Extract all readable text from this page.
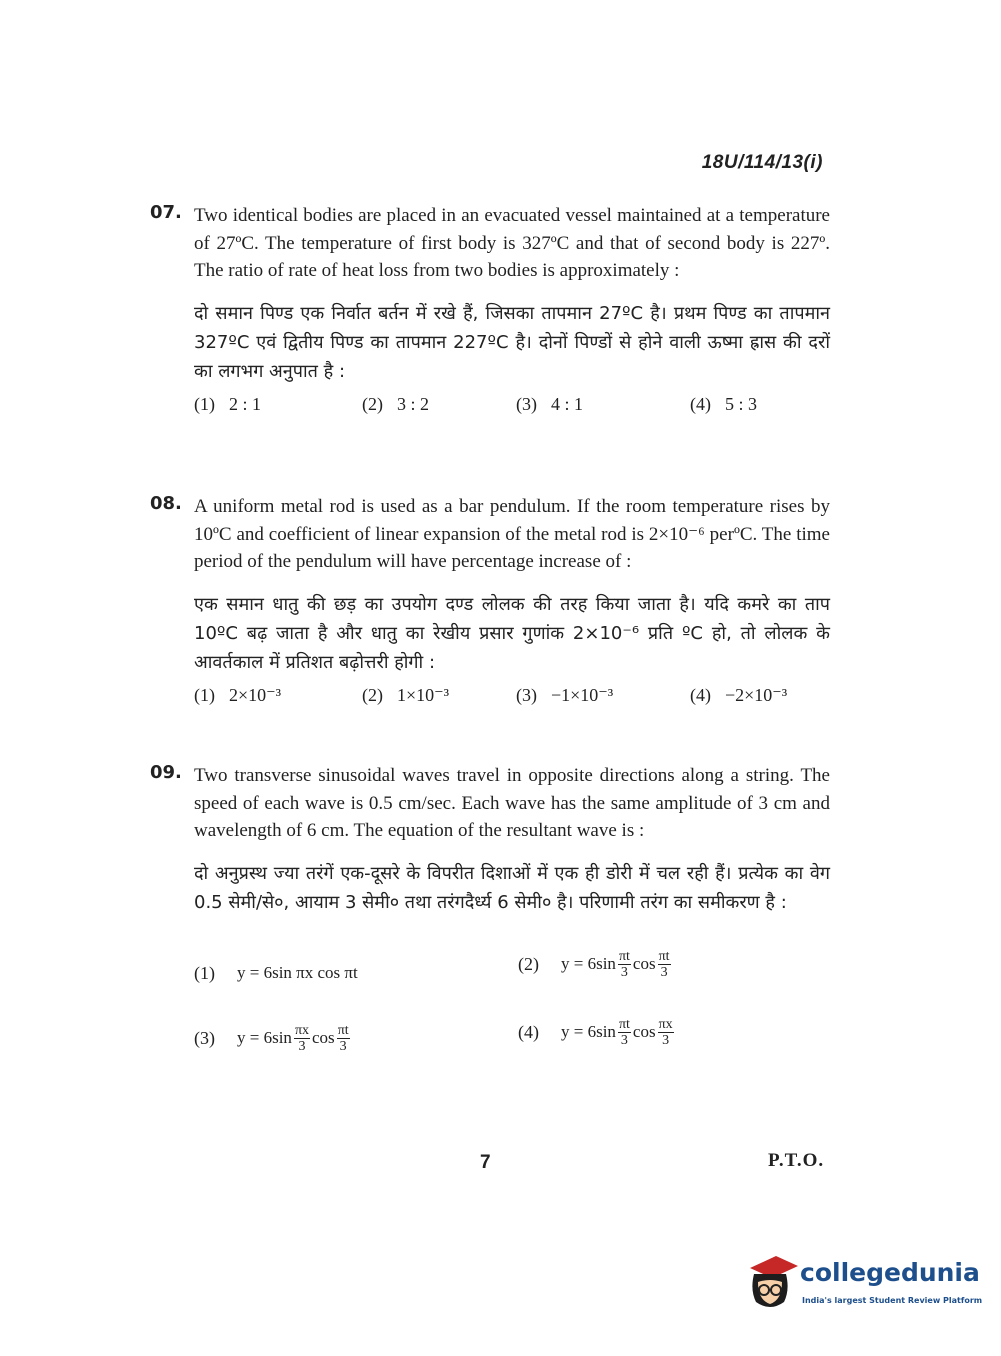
18U/114/13(i)
07. Two identical bodies are placed in an evacuated vessel maintained at a temperature of 27ºC. The temperature of first body is 327ºC and that of second body is 227º. The ratio of rate of heat loss from two bodies is approximately :
दो समान पिण्ड एक निर्वात बर्तन में रखे हैं, जिसका तापमान 27ºC है। प्रथम पिण्ड का तापमान 327ºC एवं द्वितीय पिण्ड का तापमान 227ºC है। दोनों पिण्डों से होने वाली ऊष्मा ह्रास की दरों का लगभग अनुपात है :
(1) 2 : 1	(2) 3 : 2	(3) 4 : 1	(4) 5 : 3
08. A uniform metal rod is used as a bar pendulum. If the room temperature rises by 10ºC and coefficient of linear expansion of the metal rod is 2×10⁻⁶ perºC. The time period of the pendulum will have percentage increase of :
एक समान धातु की छड़ का उपयोग दण्ड लोलक की तरह किया जाता है। यदि कमरे का ताप 10ºC बढ़ जाता है और धातु का रेखीय प्रसार गुणांक 2×10⁻⁶ प्रति ºC हो, तो लोलक के आवर्तकाल में प्रतिशत बढ़ोत्तरी होगी :
(1) 2×10⁻³	(2) 1×10⁻³	(3) −1×10⁻³	(4) −2×10⁻³
09. Two transverse sinusoidal waves travel in opposite directions along a string. The speed of each wave is 0.5 cm/sec. Each wave has the same amplitude of 3 cm and wavelength of 6 cm. The equation of the resultant wave is :
दो अनुप्रस्थ ज्या तरंगें एक-दूसरे के विपरीत दिशाओं में एक ही डोरी में चल रही हैं। प्रत्येक का वेग 0.5 सेमी/से०, आयाम 3 सेमी० तथा तरंगदैर्ध्य 6 सेमी० है। परिणामी तरंग का समीकरण है :
(1) y = 6sin πx cos πt	(2) $y = 6\sin \frac{\pi t}{3}$ $\cos \frac{\pi t}{3}$
(3) $y = 6\sin \frac{\pi x}{3}$ $\cos \frac{\pi t}{3}$	(4) $y = 6\sin \frac{\pi t}{3}$ $\cos \frac{\pi x}{3}$
7	P.T.O.
collegedunia
India's largest Student Review Platform
